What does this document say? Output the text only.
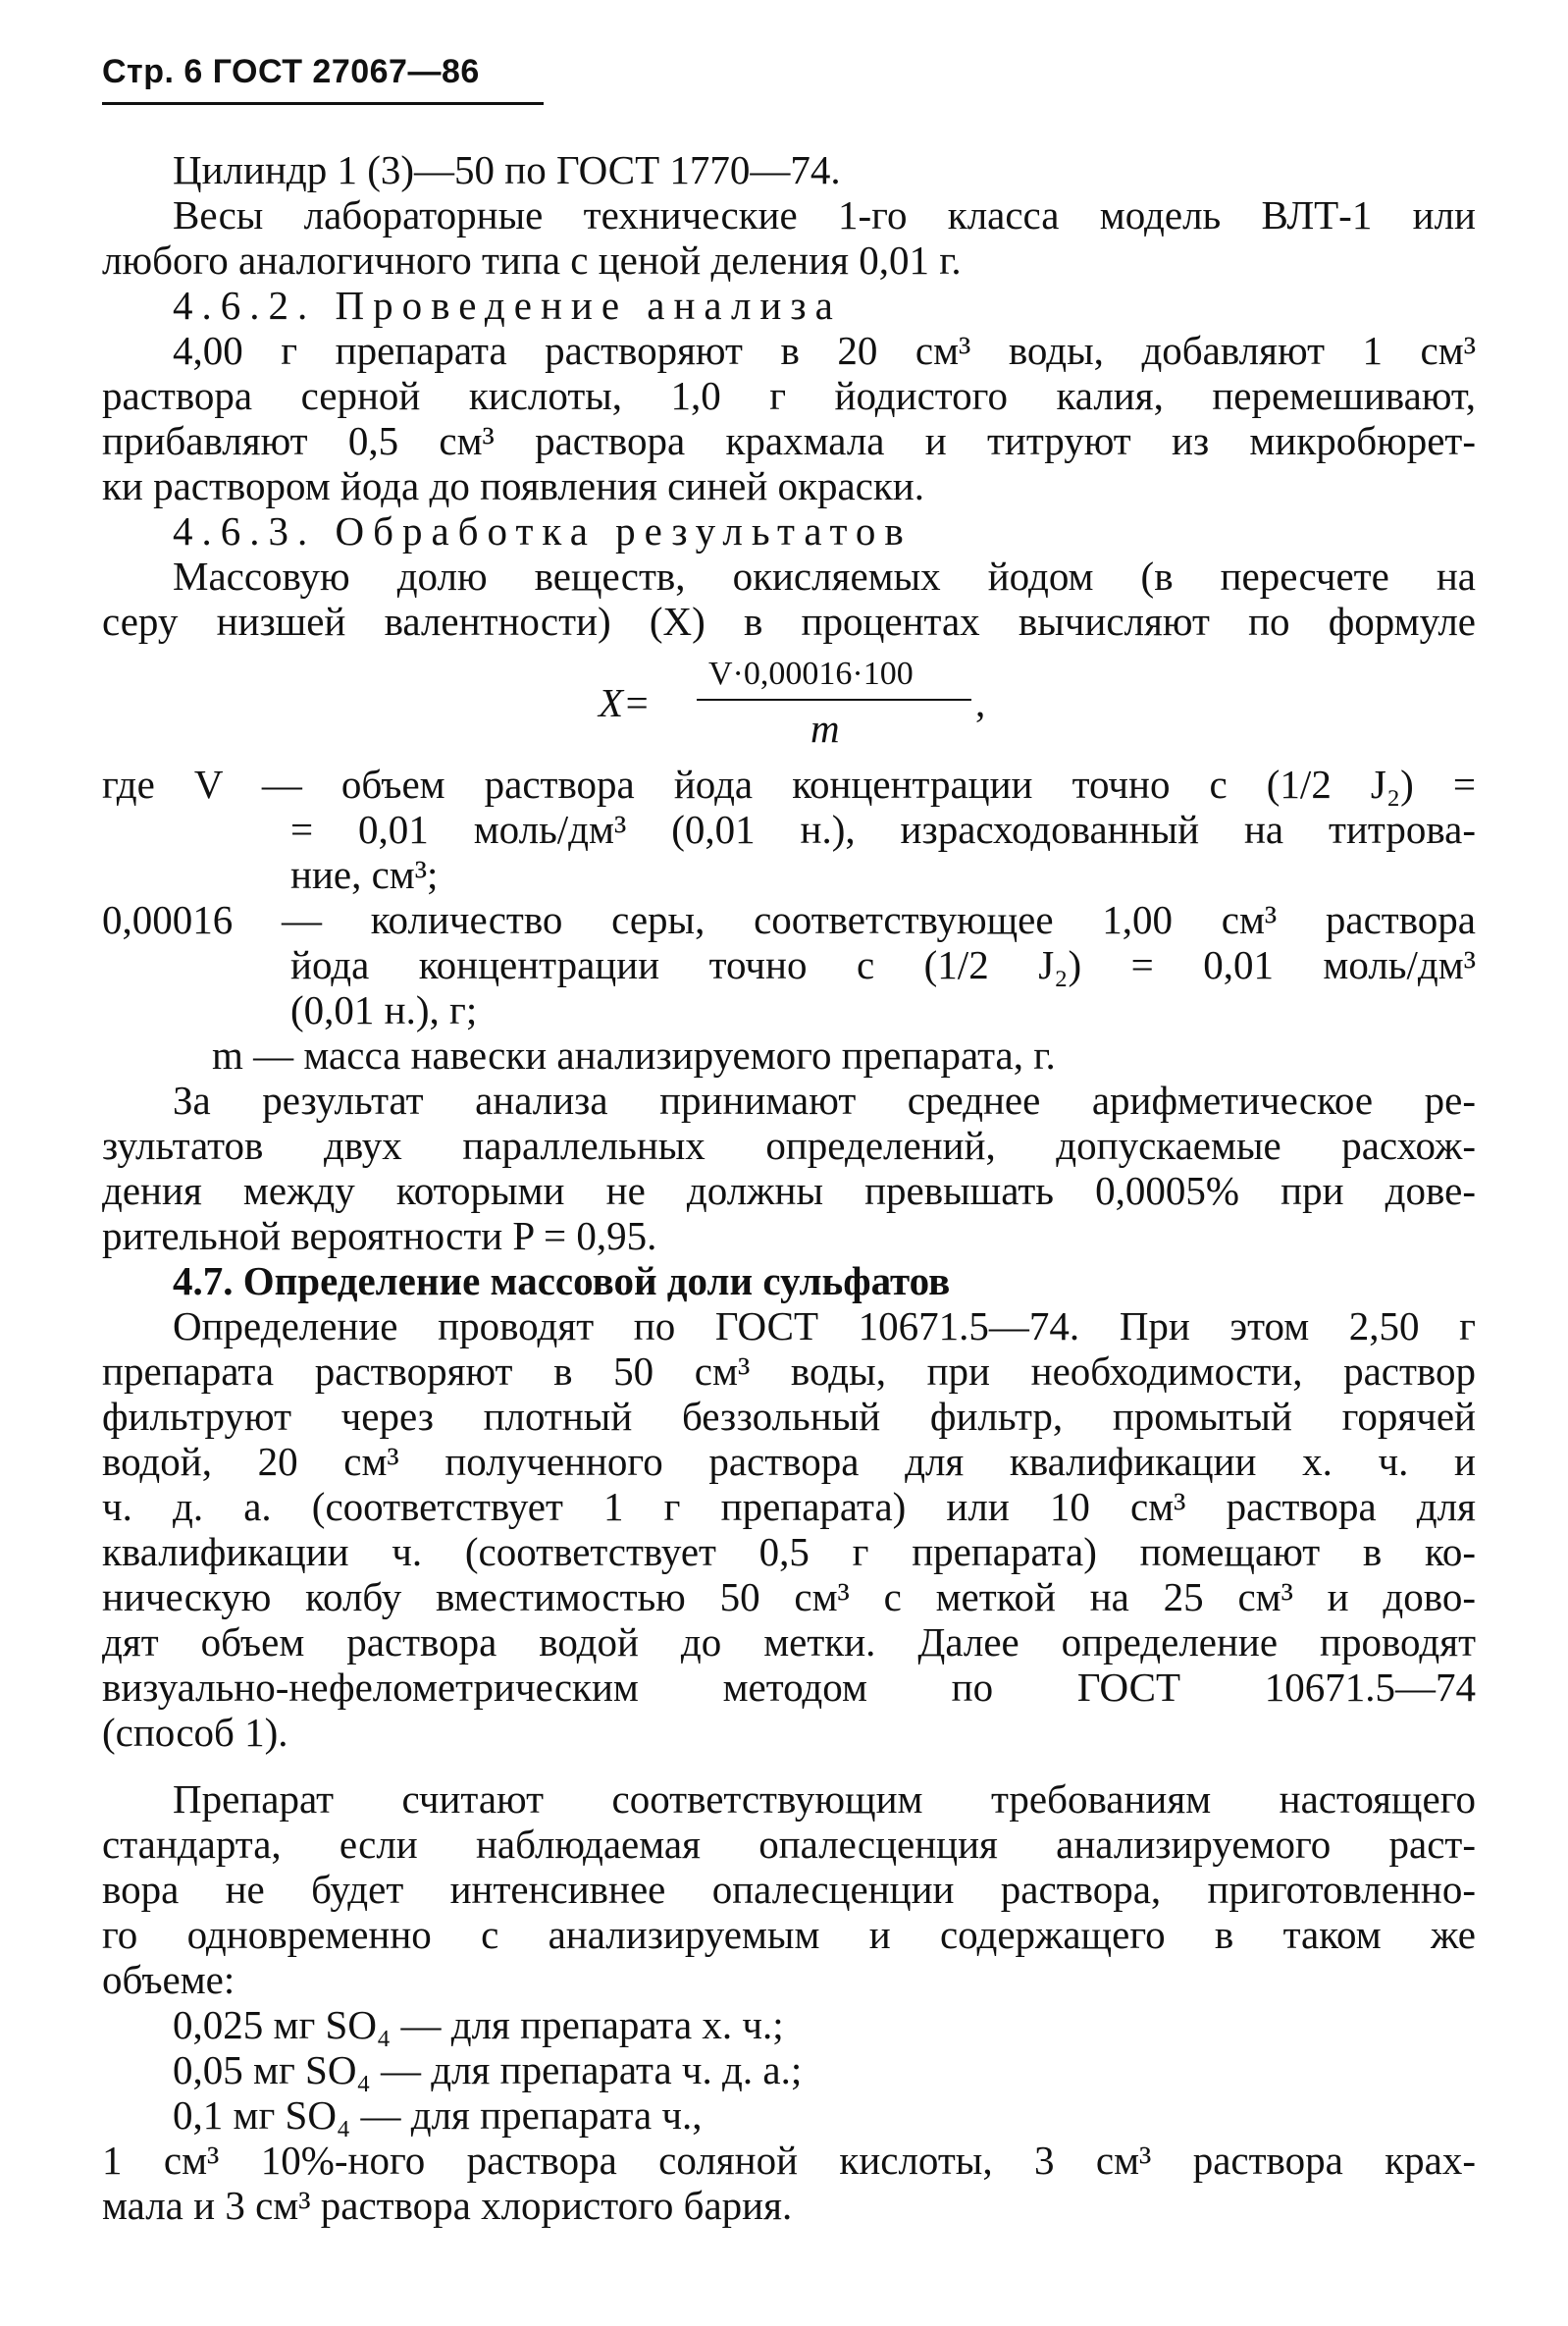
Стр. 6 ГОСТ 27067—86
Цилиндр 1 (3)—50 по ГОСТ 1770—74.
Весы лабораторные технические 1-го класса модель ВЛТ-1 или
любого аналогичного типа с ценой деления 0,01 г.
4.6.2. Проведение анализа
4,00 г препарата растворяют в 20 см³ воды, добавляют 1 см³
раствора серной кислоты, 1,0 г йодистого калия, перемешивают,
прибавляют 0,5 см³ раствора крахмала и титруют из микробюрет-
ки раствором йода до появления синей окраски.
4.6.3. Обработка результатов
Массовую долю веществ, окисляемых йодом (в пересчете на
серу низшей валентности) (X) в процентах вычисляют по формуле
X=
V·0,00016·100
m
,
где V — объем раствора йода концентрации точно c (1/2 J₂) =
= 0,01 моль/дм³ (0,01 н.), израсходованный на титрова-
ние, см³;
0,00016 — количество серы, соответствующее 1,00 см³ раствора
йода концентрации точно c (1/2 J₂) = 0,01 моль/дм³
(0,01 н.), г;
m — масса навески анализируемого препарата, г.
За результат анализа принимают среднее арифметическое ре-
зультатов двух параллельных определений, допускаемые расхож-
дения между которыми не должны превышать 0,0005% при дове-
рительной вероятности P = 0,95.
4.7. Определение массовой доли сульфатов
Определение проводят по ГОСТ 10671.5—74. При этом 2,50 г
препарата растворяют в 50 см³ воды, при необходимости, раствор
фильтруют через плотный беззольный фильтр, промытый горячей
водой, 20 см³ полученного раствора для квалификации х. ч. и
ч. д. а. (соответствует 1 г препарата) или 10 см³ раствора для
квалификации ч. (соответствует 0,5 г препарата) помещают в ко-
ническую колбу вместимостью 50 см³ с меткой на 25 см³ и дово-
дят объем раствора водой до метки. Далее определение проводят
визуально-нефелометрическим методом по ГОСТ 10671.5—74
(способ 1).
Препарат считают соответствующим требованиям настоящего
стандарта, если наблюдаемая опалесценция анализируемого раст-
вора не будет интенсивнее опалесценции раствора, приготовленно-
го одновременно с анализируемым и содержащего в таком же
объеме:
0,025 мг SO₄ — для препарата х. ч.;
0,05 мг SO₄ — для препарата ч. д. а.;
0,1 мг SO₄ — для препарата ч.,
1 см³ 10%-ного раствора соляной кислоты, 3 см³ раствора крах-
мала и 3 см³ раствора хлористого бария.
